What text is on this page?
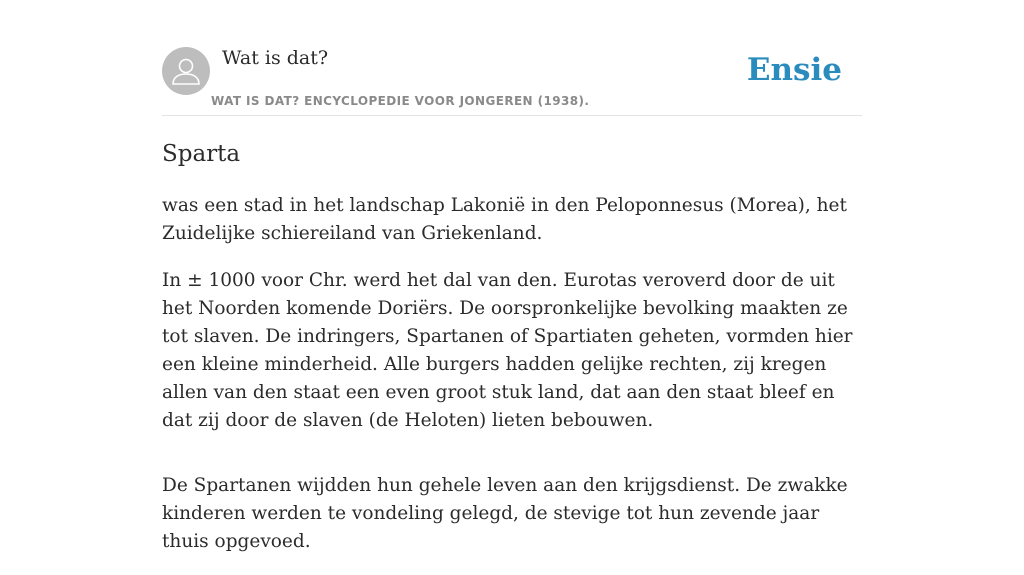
Wat is dat?
WAT IS DAT? ENCYCLOPEDIE VOOR JONGEREN (1938).
Ensie
Sparta

was een stad in het landschap Lakonië in den Peloponnesus (Morea), het Zuidelijke schiereiland van Griekenland.

In ± 1000 voor Chr. werd het dal van den. Eurotas veroverd door de uit het Noorden komende Doriërs. De oorspronkelijke bevolking maakten ze tot slaven. De indringers, Spartanen of Spartiaten geheten, vormden hier een kleine minderheid. Alle burgers hadden gelijke rechten, zij kregen allen van den staat een even groot stuk land, dat aan den staat bleef en dat zij door de slaven (de Heloten) lieten bebouwen.

De Spartanen wijdden hun gehele leven aan den krijgsdienst. De zwakke kinderen werden te vondeling gelegd, de stevige tot hun zevende jaar thuis opgevoed.
